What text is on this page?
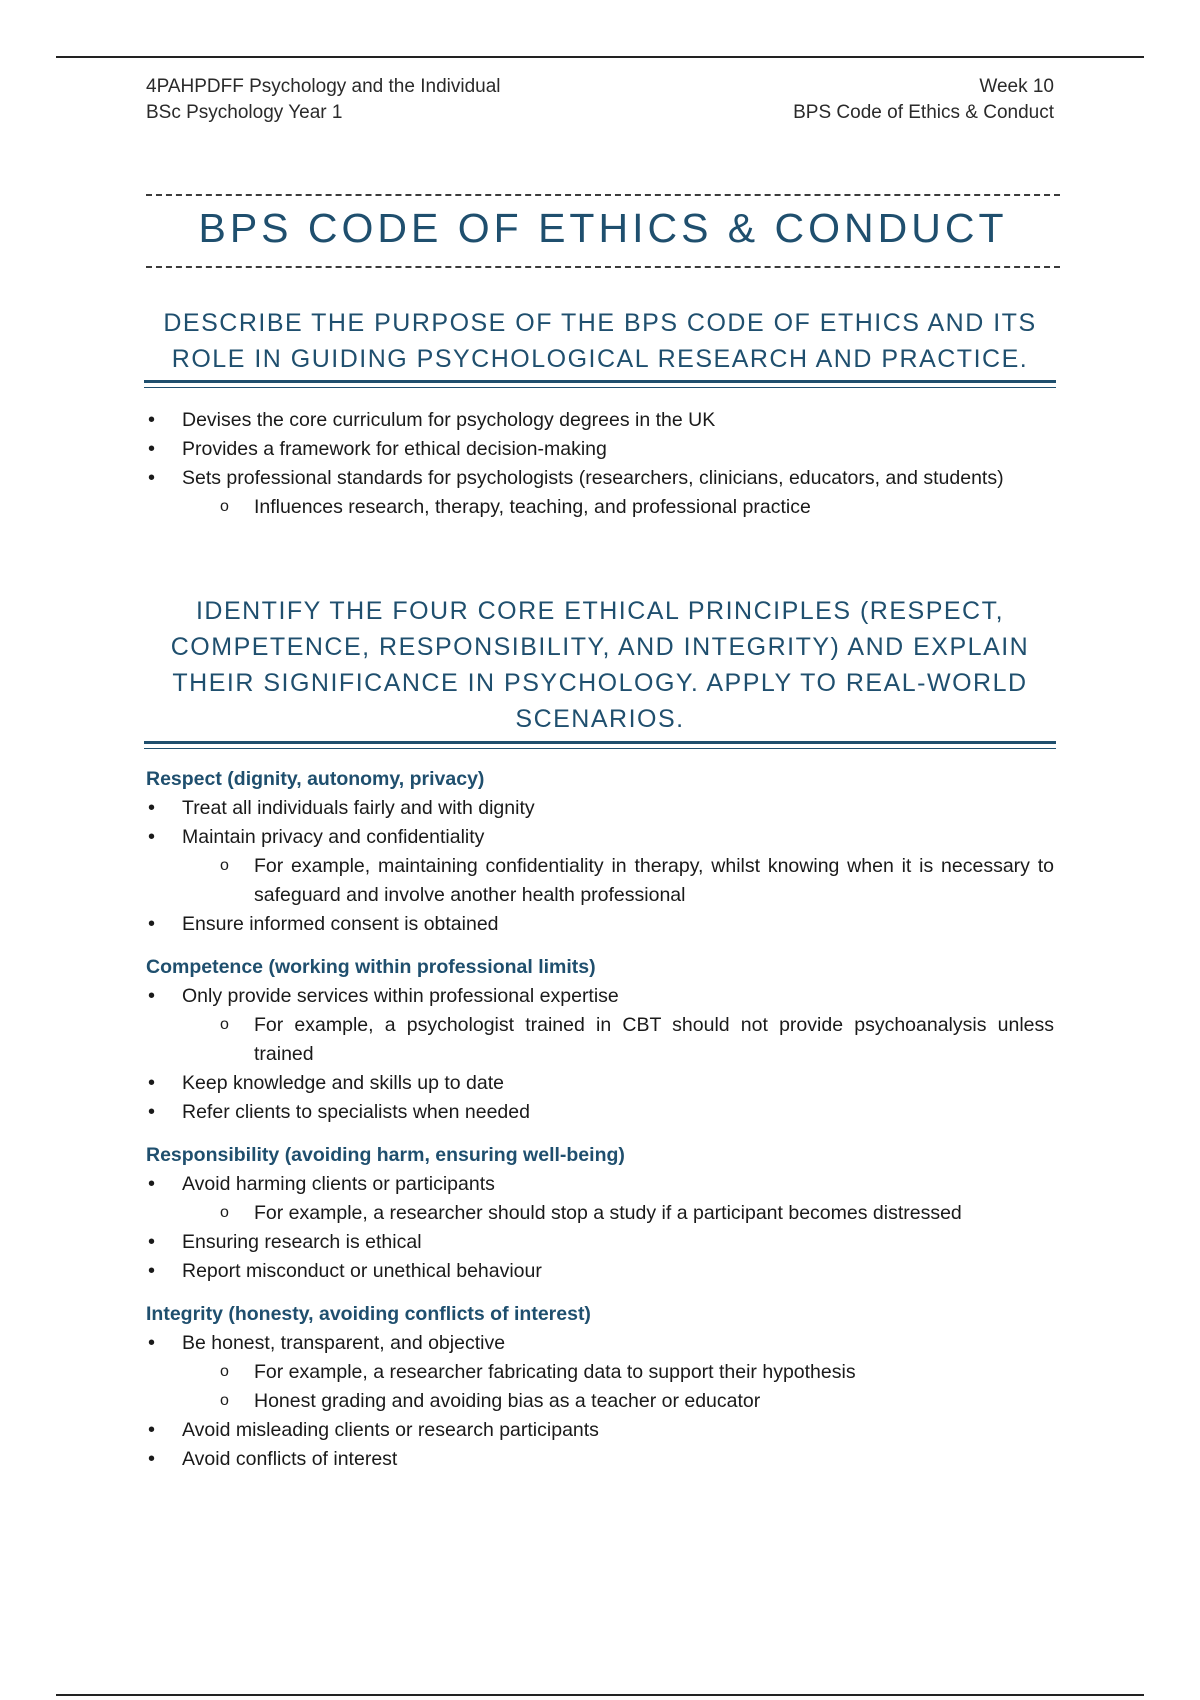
4PAHPDFF Psychology and the Individual
BSc Psychology Year 1
Week 10
BPS Code of Ethics & Conduct
BPS CODE OF ETHICS & CONDUCT
DESCRIBE THE PURPOSE OF THE BPS CODE OF ETHICS AND ITS ROLE IN GUIDING PSYCHOLOGICAL RESEARCH AND PRACTICE.
• Devises the core curriculum for psychology degrees in the UK
• Provides a framework for ethical decision-making
• Sets professional standards for psychologists (researchers, clinicians, educators, and students)
o Influences research, therapy, teaching, and professional practice
IDENTIFY THE FOUR CORE ETHICAL PRINCIPLES (RESPECT, COMPETENCE, RESPONSIBILITY, AND INTEGRITY) AND EXPLAIN THEIR SIGNIFICANCE IN PSYCHOLOGY. APPLY TO REAL-WORLD SCENARIOS.
Respect (dignity, autonomy, privacy)
• Treat all individuals fairly and with dignity
• Maintain privacy and confidentiality
o For example, maintaining confidentiality in therapy, whilst knowing when it is necessary to safeguard and involve another health professional
• Ensure informed consent is obtained
Competence (working within professional limits)
• Only provide services within professional expertise
o For example, a psychologist trained in CBT should not provide psychoanalysis unless trained
• Keep knowledge and skills up to date
• Refer clients to specialists when needed
Responsibility (avoiding harm, ensuring well-being)
• Avoid harming clients or participants
o For example, a researcher should stop a study if a participant becomes distressed
• Ensuring research is ethical
• Report misconduct or unethical behaviour
Integrity (honesty, avoiding conflicts of interest)
• Be honest, transparent, and objective
o For example, a researcher fabricating data to support their hypothesis
o Honest grading and avoiding bias as a teacher or educator
• Avoid misleading clients or research participants
• Avoid conflicts of interest
